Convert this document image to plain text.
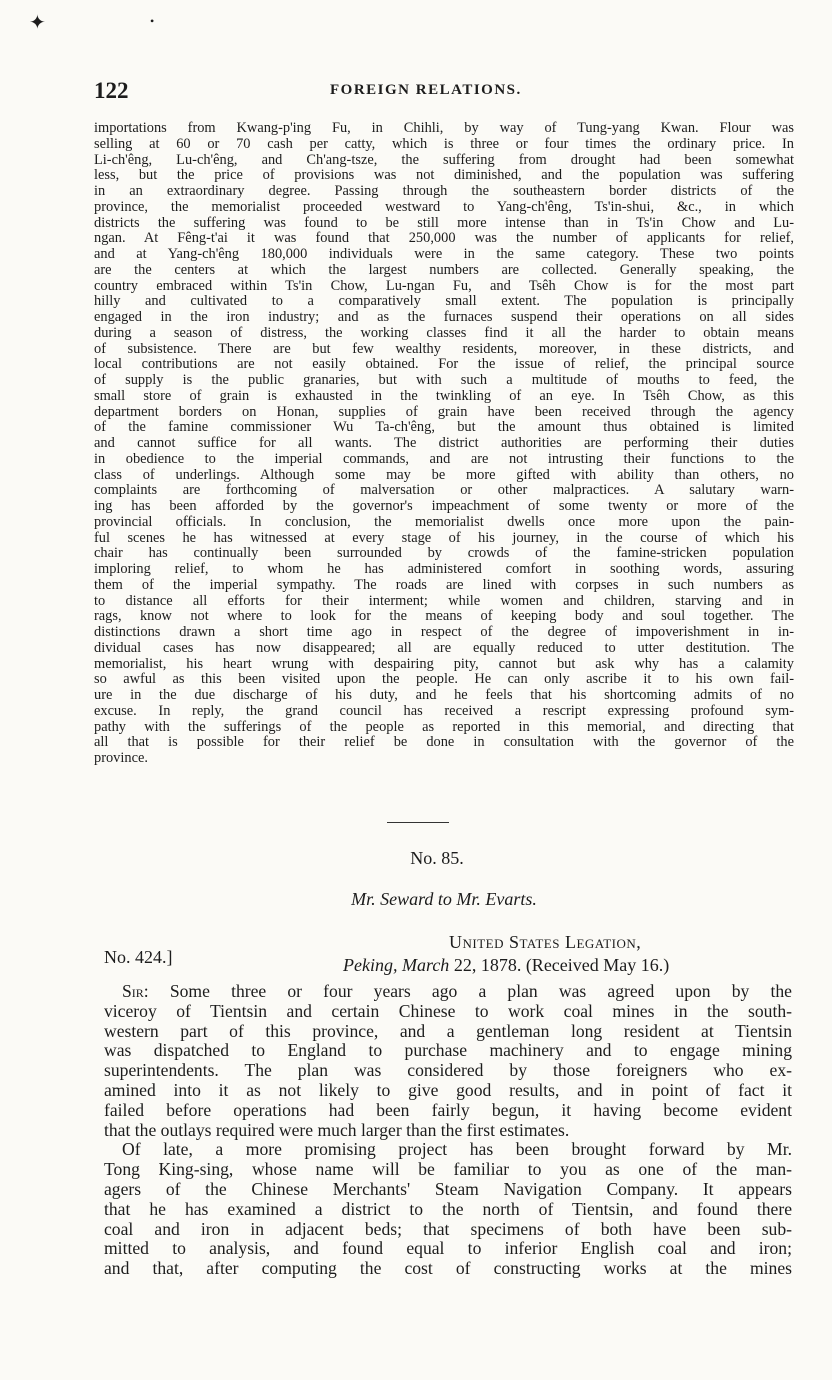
✦	•
122	FOREIGN RELATIONS.
importations from Kwang-p'ing Fu, in Chihli, by way of Tung-yang Kwan. Flour was
selling at 60 or 70 cash per catty, which is three or four times the ordinary price. In
Li-ch'êng, Lu-ch'êng, and Ch'ang-tsze, the suffering from drought had been somewhat
less, but the price of provisions was not diminished, and the population was suffering
in an extraordinary degree. Passing through the southeastern border districts of the
province, the memorialist proceeded westward to Yang-ch'êng, Ts'in-shui, &c., in which
districts the suffering was found to be still more intense than in Ts'in Chow and Lu-
ngan. At Fêng-t'ai it was found that 250,000 was the number of applicants for relief,
and at Yang-ch'êng 180,000 individuals were in the same category. These two points
are the centers at which the largest numbers are collected. Generally speaking, the
country embraced within Ts'in Chow, Lu-ngan Fu, and Tsêh Chow is for the most part
hilly and cultivated to a comparatively small extent. The population is principally
engaged in the iron industry; and as the furnaces suspend their operations on all sides
during a season of distress, the working classes find it all the harder to obtain means
of subsistence. There are but few wealthy residents, moreover, in these districts, and
local contributions are not easily obtained. For the issue of relief, the principal source
of supply is the public granaries, but with such a multitude of mouths to feed, the
small store of grain is exhausted in the twinkling of an eye. In Tsêh Chow, as this
department borders on Honan, supplies of grain have been received through the agency
of the famine commissioner Wu Ta-ch'êng, but the amount thus obtained is limited
and cannot suffice for all wants. The district authorities are performing their duties
in obedience to the imperial commands, and are not intrusting their functions to the
class of underlings. Although some may be more gifted with ability than others, no
complaints are forthcoming of malversation or other malpractices. A salutary warn-
ing has been afforded by the governor's impeachment of some twenty or more of the
provincial officials. In conclusion, the memorialist dwells once more upon the pain-
ful scenes he has witnessed at every stage of his journey, in the course of which his
chair has continually been surrounded by crowds of the famine-stricken population
imploring relief, to whom he has administered comfort in soothing words, assuring
them of the imperial sympathy. The roads are lined with corpses in such numbers as
to distance all efforts for their interment; while women and children, starving and in
rags, know not where to look for the means of keeping body and soul together. The
distinctions drawn a short time ago in respect of the degree of impoverishment in in-
dividual cases has now disappeared; all are equally reduced to utter destitution. The
memorialist, his heart wrung with despairing pity, cannot but ask why has a calamity
so awful as this been visited upon the people. He can only ascribe it to his own fail-
ure in the due discharge of his duty, and he feels that his shortcoming admits of no
excuse. In reply, the grand council has received a rescript expressing profound sym-
pathy with the sufferings of the people as reported in this memorial, and directing that
all that is possible for their relief be done in consultation with the governor of the
province.
No. 85.
Mr. Seward to Mr. Evarts.
No. 424.]
United States Legation,
Peking, March 22, 1878. (Received May 16.)
Sir: Some three or four years ago a plan was agreed upon by the
viceroy of Tientsin and certain Chinese to work coal mines in the south-
western part of this province, and a gentleman long resident at Tientsin
was dispatched to England to purchase machinery and to engage mining
superintendents. The plan was considered by those foreigners who ex-
amined into it as not likely to give good results, and in point of fact it
failed before operations had been fairly begun, it having become evident
that the outlays required were much larger than the first estimates.
Of late, a more promising project has been brought forward by Mr.
Tong King-sing, whose name will be familiar to you as one of the man-
agers of the Chinese Merchants' Steam Navigation Company. It appears
that he has examined a district to the north of Tientsin, and found there
coal and iron in adjacent beds; that specimens of both have been sub-
mitted to analysis, and found equal to inferior English coal and iron;
and that, after computing the cost of constructing works at the mines
